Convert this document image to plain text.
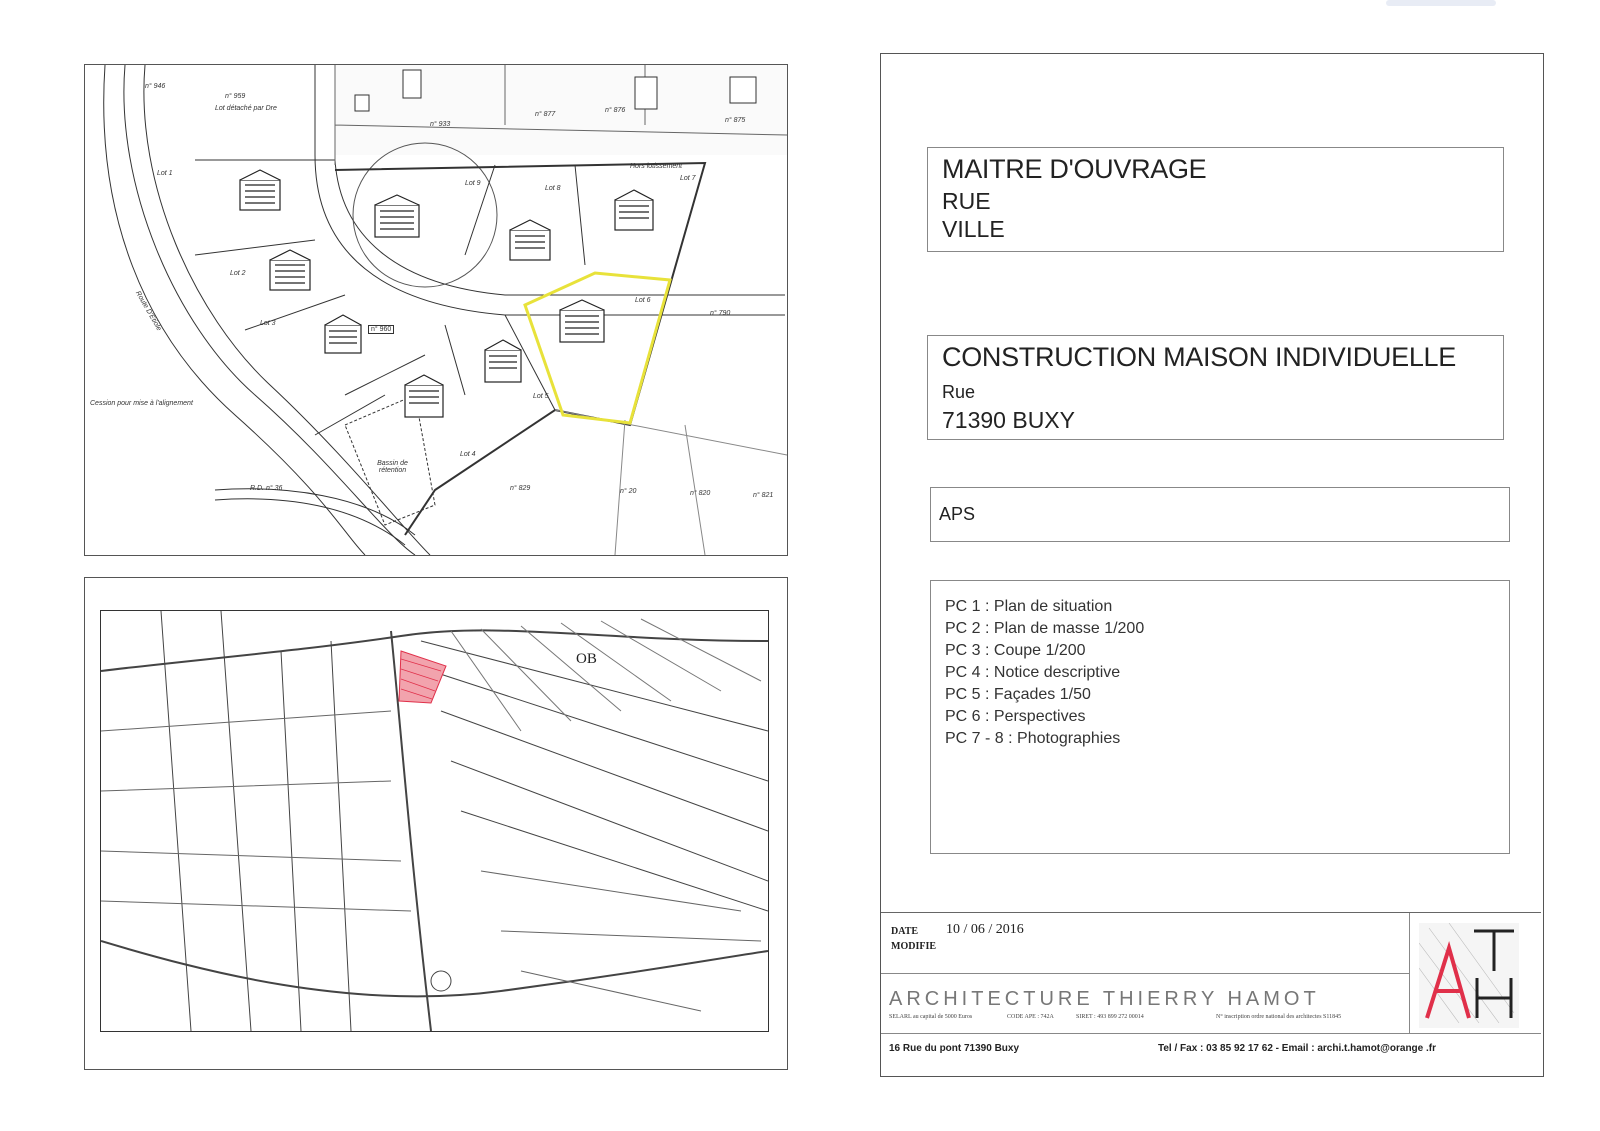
Lot 1
Lot 2
Lot 3
Lot 4
Lot 5
Lot 6
Lot 7
Lot 8
Lot 9
Cession pour mise à l'alignement
Route D'Etiole
R.D. n° 36
Bassin de rétention
Hors lotissement
n° 960
n° 933
n° 877
n° 876
n° 875
n° 790
n° 829	n° 20	n° 820	n° 821
n° 946
n° 959
Lot détaché par Dre
OB
MAITRE D'OUVRAGE
RUE
VILLE
CONSTRUCTION MAISON INDIVIDUELLE
Rue
71390 BUXY
APS
PC 1 : Plan de situation
PC 2 : Plan de masse 1/200
PC 3 : Coupe 1/200
PC 4 : Notice descriptive
PC 5 : Façades 1/50
PC 6 : Perspectives
PC 7 - 8 : Photographies
DATE 10 / 06 / 2016
MODIFIE
ARCHITECTURE THIERRY HAMOT
SELARL au capital de 5000 Euros	CODE APE : 742A	SIRET : 493 899 272 00014	N° inscription ordre national des architectes S11845
16 Rue du pont 71390 Buxy	Tel / Fax : 03 85 92 17 62 - Email : archi.t.hamot@orange .fr
